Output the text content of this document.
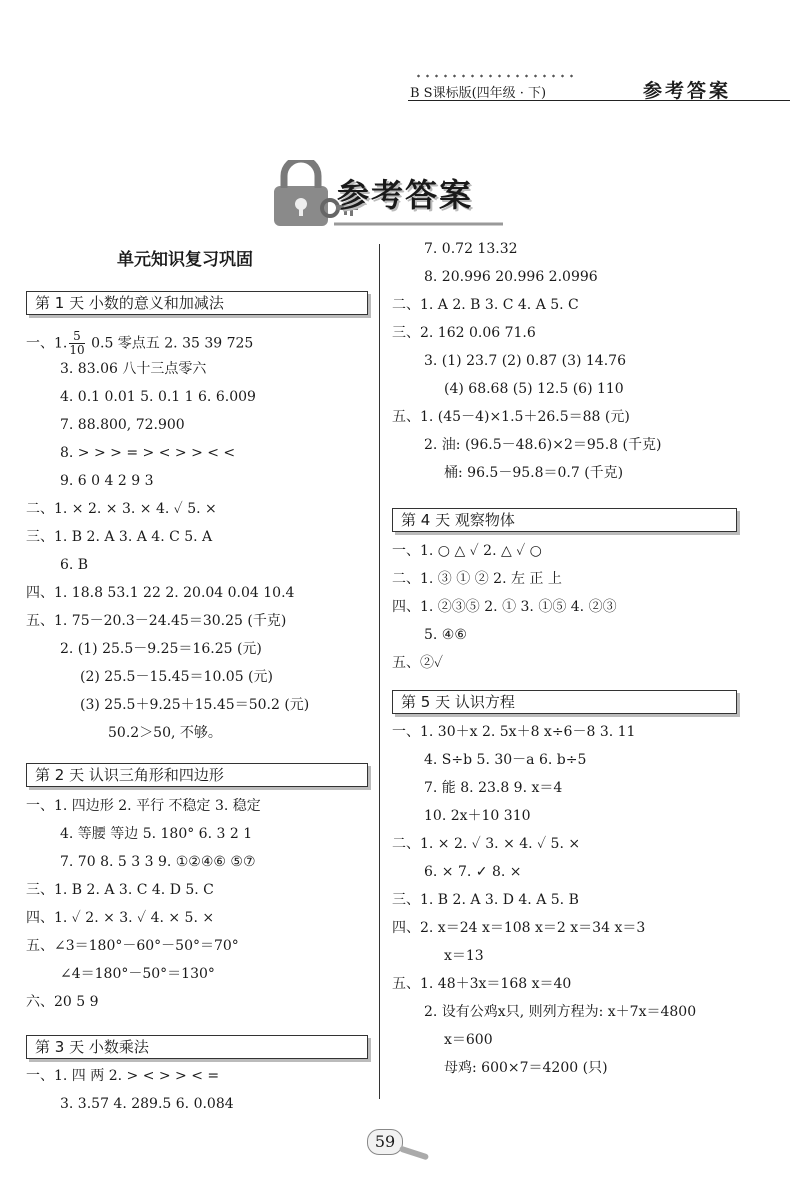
B S课标版(四年级 · 下)	参考答案
参考答案
单元知识复习巩固
第 1 天 小数的意义和加减法
一、1. $\frac{5}{10} 0.5$ 零点五 2. 35 39 725
3. 83.06 八十三点零六
4. 0.1 0.01 5. 0.1 1 6. 6.009
7. 88.800, 72.900
8. > > > = > < > > < <
9. 6 0 4 2 9 3
二、1. × 2. × 3. × 4. ✓ 5. ×
三、1. B 2. A 3. A 4. C 5. A
6. B
四、1. 18.8 53.1 22 2. 20.04 0.04 10.4
五、1. 75－20.3－24.45＝30.25 (千克)
2. (1) 25.5－9.25＝16.25 (元)
(2) 25.5－15.45＝10.05 (元)
(3) 25.5＋9.25＋15.45＝50.2 (元)
50.2＞50, 不够。
第 2 天 认识三角形和四边形
一、1. 四边形 2. 平行 不稳定 3. 稳定
4. 等腰 等边 5. 180° 6. 3 2 1
7. 70 8. 5 3 3 9. ①②④⑥ ⑤⑦
三、1. B 2. A 3. C 4. D 5. C
四、1. ✓ 2. × 3. ✓ 4. × 5. ×
五、∠3＝180°－60°－50°＝70°
∠4＝180°－50°＝130°
六、20 5 9
第 3 天 小数乘法
一、1. 四 两 2. > < > > < =
3. 3.57 4. 289.5 6. 0.084
7. 0.72 13.32
8. 20.996 20.996 2.0996
二、1. A 2. B 3. C 4. A 5. C
三、2. 162 0.06 71.6
3. (1) 23.7 (2) 0.87 (3) 14.76
(4) 68.68 (5) 12.5 (6) 110
五、1. (45－4)×1.5＋26.5＝88 (元)
2. 油: (96.5－48.6)×2＝95.8 (千克)
桶: 96.5－95.8＝0.7 (千克)
第 4 天 观察物体
一、1. ○ △ ✓ 2. △ ✓ ○
二、1. ③ ① ② 2. 左 正 上
四、1. ②③⑤ 2. ① 3. ①⑤ 4. ②③
5. ④⑥
五、②✓
第 5 天 认识方程
一、1. 30＋x 2. 5x＋8 x÷6－8 3. 11
4. S÷b 5. 30－a 6. b÷5
7. 能 8. 23.8 9. x＝4
10. 2x＋10 310
二、1. × 2. ✓ 3. × 4. ✓ 5. ×
6. × 7. ✓ 8. ×
三、1. B 2. A 3. D 4. A 5. B
四、2. x＝24 x＝108 x＝2 x＝34 x＝3
x＝13
五、1. 48＋3x＝168 x＝40
2. 设有公鸡x只, 则列方程为: x＋7x＝4800
x＝600
母鸡: 600×7＝4200 (只)
59
